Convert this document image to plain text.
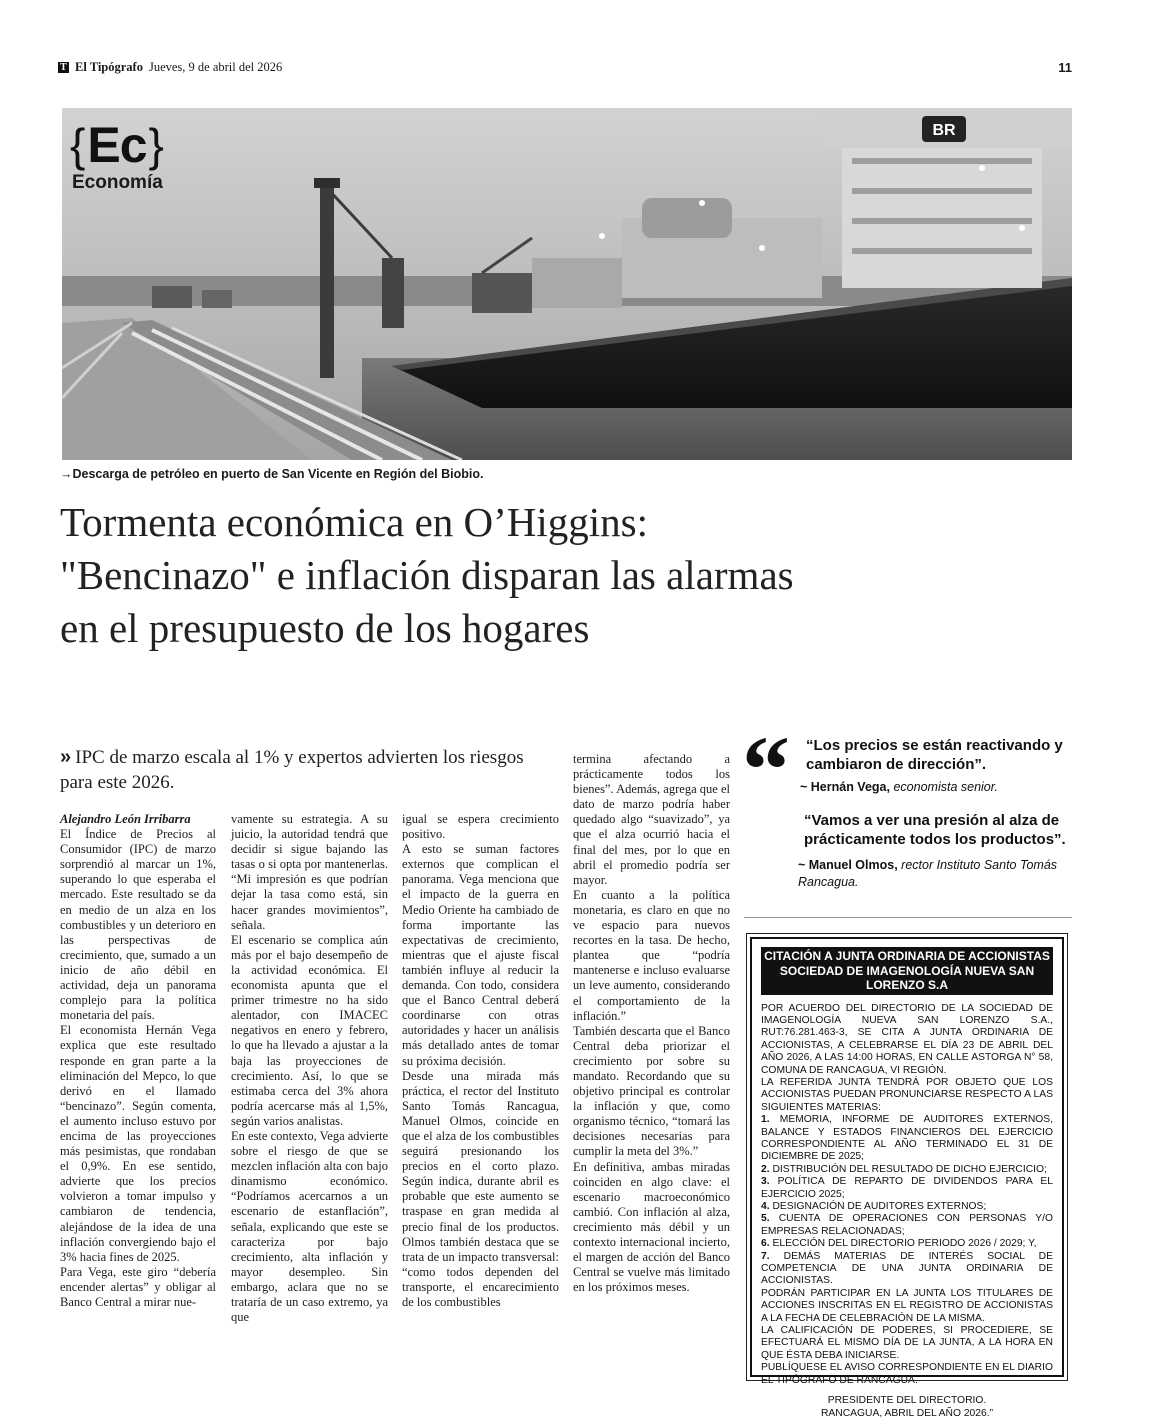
T El Tipógrafo Jueves, 9 de abril del 2026	11
BR
{ Ec }
Economía
→Descarga de petróleo en puerto de San Vicente en Región del Biobio.
Tormenta económica en O’Higgins:
"Bencinazo" e inflación disparan las alarmas
en el presupuesto de los hogares
» IPC de marzo escala al 1% y expertos advierten los riesgos para este 2026.
Alejandro León Irribarra

El Índice de Precios al Consumidor (IPC) de marzo sorprendió al marcar un 1%, superando lo que esperaba el mercado. Este resultado se da en medio de un alza en los combustibles y un deterioro en las perspectivas de crecimiento, que, sumado a un inicio de año débil en actividad, deja un panorama complejo para la política monetaria del país.

El economista Hernán Vega explica que este resultado responde en gran parte a la eliminación del Mepco, lo que derivó en el llamado “bencinazo”. Según comenta, el aumento incluso estuvo por encima de las proyecciones más pesimistas, que rondaban el 0,9%. En ese sentido, advierte que los precios volvieron a tomar impulso y cambiaron de tendencia, alejándose de la idea de una inflación convergiendo bajo el 3% hacia fines de 2025.

Para Vega, este giro “debería encender alertas” y obligar al Banco Central a mirar nue-

vamente su estrategia. A su juicio, la autoridad tendrá que decidir si sigue bajando las tasas o si opta por mantenerlas. “Mi impresión es que podrían dejar la tasa como está, sin hacer grandes movimientos”, señala.

El escenario se complica aún más por el bajo desempeño de la actividad económica. El economista apunta que el primer trimestre no ha sido alentador, con IMACEC negativos en enero y febrero, lo que ha llevado a ajustar a la baja las proyecciones de crecimiento. Así, lo que se estimaba cerca del 3% ahora podría acercarse más al 1,5%, según varios analistas.

En este contexto, Vega advierte sobre el riesgo de que se mezclen inflación alta con bajo dinamismo económico. “Podríamos acercarnos a un escenario de estanflación”, señala, explicando que este se caracteriza por bajo crecimiento, alta inflación y mayor desempleo. Sin embargo, aclara que no se trataría de un caso extremo, ya que

igual se espera crecimiento positivo.

A esto se suman factores externos que complican el panorama. Vega menciona que el impacto de la guerra en Medio Oriente ha cambiado de forma importante las expectativas de crecimiento, mientras que el ajuste fiscal también influye al reducir la demanda. Con todo, considera que el Banco Central deberá coordinarse con otras autoridades y hacer un análisis más detallado antes de tomar su próxima decisión.

Desde una mirada más práctica, el rector del Instituto Santo Tomás Rancagua, Manuel Olmos, coincide en que el alza de los combustibles seguirá presionando los precios en el corto plazo. Según indica, durante abril es probable que este aumento se traspase en gran medida al precio final de los productos. Olmos también destaca que se trata de un impacto transversal: “como todos dependen del transporte, el encarecimiento de los combustibles

termina afectando a prácticamente todos los bienes”. Además, agrega que el dato de marzo podría haber quedado algo “suavizado”, ya que el alza ocurrió hacia el final del mes, por lo que en abril el promedio podría ser mayor.

En cuanto a la política monetaria, es claro en que no ve espacio para nuevos recortes en la tasa. De hecho, plantea que “podría mantenerse e incluso evaluarse un leve aumento, considerando el comportamiento de la inflación.”

También descarta que el Banco Central deba priorizar el crecimiento por sobre su mandato. Recordando que su objetivo principal es controlar la inflación y que, como organismo técnico, “tomará las decisiones necesarias para cumplir la meta del 3%.”

En definitiva, ambas miradas coinciden en algo clave: el escenario macroeconómico cambió. Con inflación al alza, crecimiento más débil y un contexto internacional incierto, el margen de acción del Banco Central se vuelve más limitado en los próximos meses.

“ “Los precios se están reactivando y cambiaron de dirección”.
~ Hernán Vega, economista senior.
“Vamos a ver una presión al alza de prácticamente todos los productos”.
~ Manuel Olmos, rector Instituto Santo Tomás Rancagua.
CITACIÓN A JUNTA ORDINARIA DE ACCIONISTAS
SOCIEDAD DE IMAGENOLOGÍA NUEVA SAN LORENZO S.A

POR ACUERDO DEL DIRECTORIO DE LA SOCIEDAD DE IMAGENOLOGÍA NUEVA SAN LORENZO S.A., RUT:76.281.463-3, SE CITA A JUNTA ORDINARIA DE ACCIONISTAS, A CELEBRARSE EL DÍA 23 DE ABRIL DEL AÑO 2026, A LAS 14:00 HORAS, EN CALLE ASTORGA N° 58, COMUNA DE RANCAGUA, VI REGIÓN.

LA REFERIDA JUNTA TENDRÁ POR OBJETO QUE LOS ACCIONISTAS PUEDAN PRONUNCIARSE RESPECTO A LAS SIGUIENTES MATERIAS:

1. MEMORIA, INFORME DE AUDITORES EXTERNOS, BALANCE Y ESTADOS FINANCIEROS DEL EJERCICIO CORRESPONDIENTE AL AÑO TERMINADO EL 31 DE DICIEMBRE DE 2025;

2. DISTRIBUCIÓN DEL RESULTADO DE DICHO EJERCICIO;

3. POLÍTICA DE REPARTO DE DIVIDENDOS PARA EL EJERCICIO 2025;

4. DESIGNACIÓN DE AUDITORES EXTERNOS;

5. CUENTA DE OPERACIONES CON PERSONAS Y/O EMPRESAS RELACIONADAS;

6. ELECCIÓN DEL DIRECTORIO PERIODO 2026 / 2029; Y,

7. DEMÁS MATERIAS DE INTERÉS SOCIAL DE COMPETENCIA DE UNA JUNTA ORDINARIA DE ACCIONISTAS.

PODRÁN PARTICIPAR EN LA JUNTA LOS TITULARES DE ACCIONES INSCRITAS EN EL REGISTRO DE ACCIONISTAS A LA FECHA DE CELEBRACIÓN DE LA MISMA.

LA CALIFICACIÓN DE PODERES, SI PROCEDIERE, SE EFECTUARÁ EL MISMO DÍA DE LA JUNTA, A LA HORA EN QUE ÉSTA DEBA INICIARSE.

PUBLÍQUESE EL AVISO CORRESPONDIENTE EN EL DIARIO EL TIPÓGRAFO DE RANCAGUA.

PRESIDENTE DEL DIRECTORIO.
RANCAGUA, ABRIL DEL AÑO 2026.”
